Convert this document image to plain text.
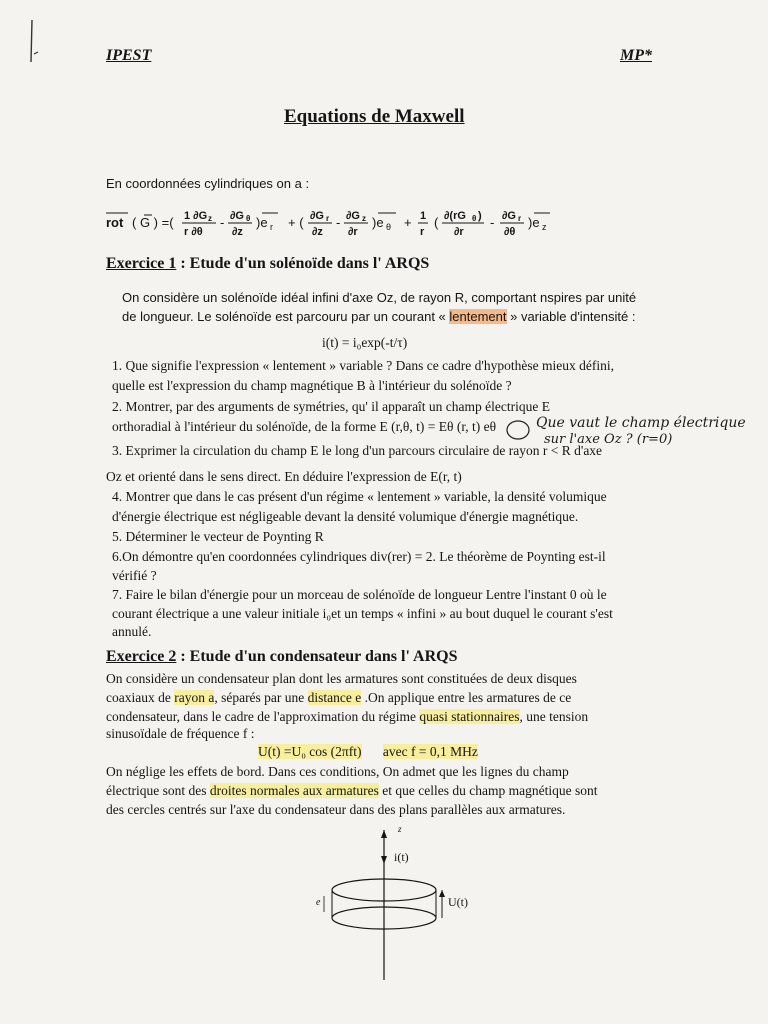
IPEST	MP*
Equations de Maxwell
En coordonnées cylindriques on a :
rot ( G ) =( 1 ∂G z
r ∂θ
- ∂G θ
∂z
)e r + ( ∂G r
∂z
- ∂G z
∂r
)e θ + 1
r
( ∂(rG θ )
∂r
- ∂G r
∂θ
)e z
Exercice 1 : Etude d'un solénoïde dans l' ARQS
On considère un solénoïde idéal infini d'axe Oz, de rayon R, comportant nspires par unité
de longueur. Le solénoïde est parcouru par un courant « lentement » variable d'intensité :
i(t) = i₀exp(-t/τ)
1. Que signifie l'expression « lentement » variable ? Dans ce cadre d'hypothèse mieux défini,
quelle est l'expression du champ magnétique B à l'intérieur du solénoïde ?
2. Montrer, par des arguments de symétries, qu' il apparaît un champ électrique E
orthoradial à l'intérieur du solénoïde, de la forme E (r,θ, t) = Eθ (r, t) eθ	Que vaut le champ électrique
sur l'axe Oz ? (r=0)
3. Exprimer la circulation du champ E le long d'un parcours circulaire de rayon r < R d'axe
Oz et orienté dans le sens direct. En déduire l'expression de E(r, t)
4. Montrer que dans le cas présent d'un régime « lentement » variable, la densité volumique
d'énergie électrique est négligeable devant la densité volumique d'énergie magnétique.
5. Déterminer le vecteur de Poynting R
6.On démontre qu'en coordonnées cylindriques div(rer) = 2. Le théorème de Poynting est-il
vérifié ?
7. Faire le bilan d'énergie pour un morceau de solénoïde de longueur Lentre l'instant 0 où le
courant électrique a une valeur initiale i₀et un temps « infini » au bout duquel le courant s'est
annulé.
Exercice 2 : Etude d'un condensateur dans l' ARQS
On considère un condensateur plan dont les armatures sont constituées de deux disques
coaxiaux de rayon a, séparés par une distance e .On applique entre les armatures de ce
condensateur, dans le cadre de l'approximation du régime quasi stationnaires, une tension
sinusoïdale de fréquence f :
U(t) =U₀ cos (2πft) avec f = 0,1 MHz
On néglige les effets de bord. Dans ces conditions, On admet que les lignes du champ
électrique sont des droites normales aux armatures et que celles du champ magnétique sont
des cercles centrés sur l'axe du condensateur dans des plans parallèles aux armatures.
z
i(t)
U(t)
e
